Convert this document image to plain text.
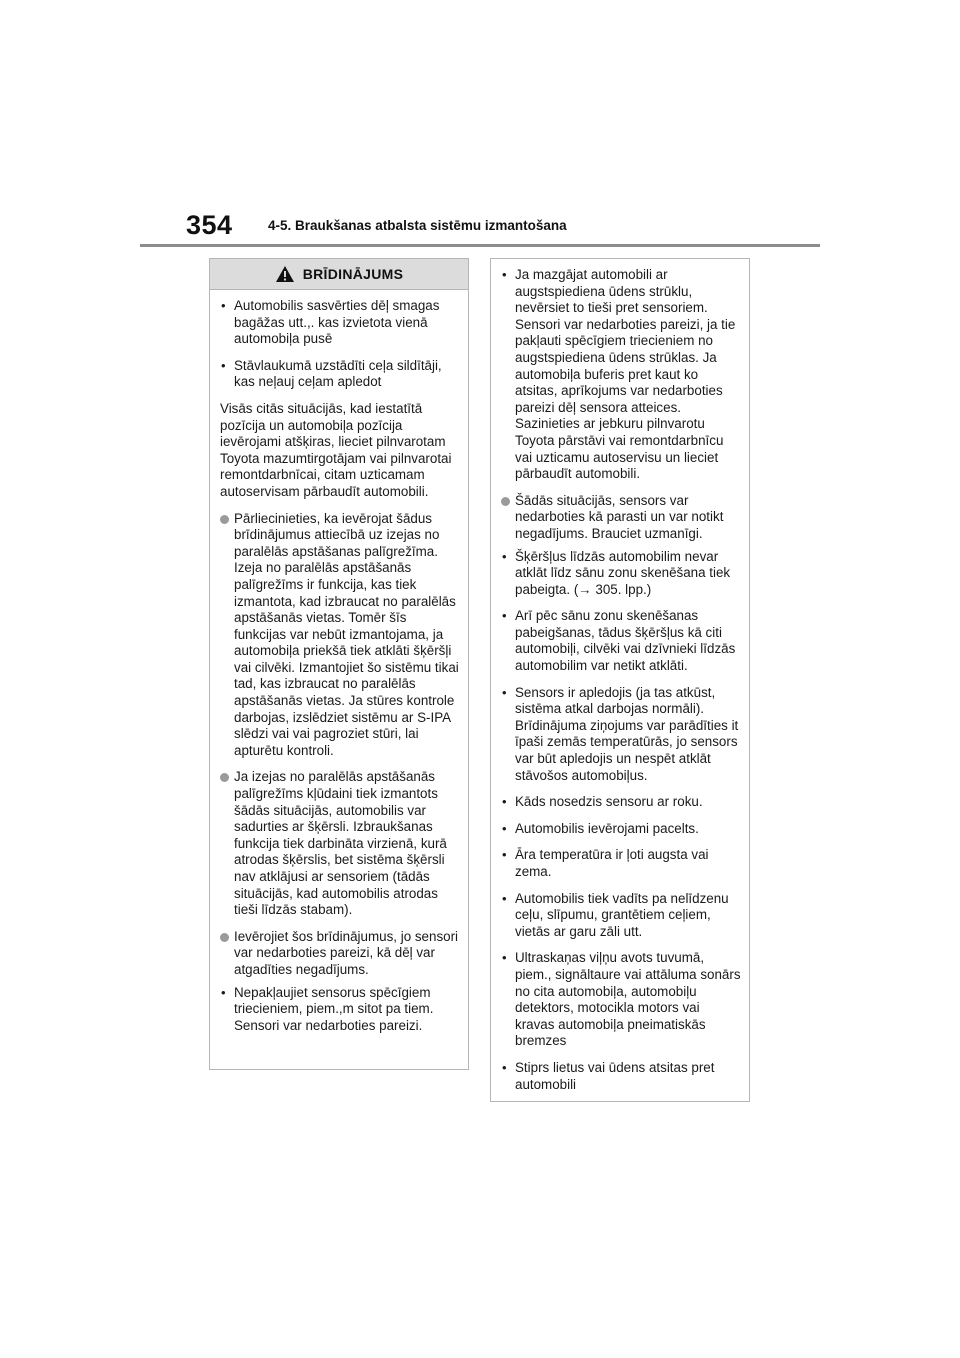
354	4-5. Braukšanas atbalsta sistēmu izmantošana
BRĪDINĀJUMS
• Automobilis sasvērties dēļ smagas bagāžas utt.,. kas izvietota vienā automobiļa pusē
• Stāvlaukumā uzstādīti ceļa sildītāji, kas neļauj ceļam apledot
Visās citās situācijās, kad iestatītā pozīcija un automobiļa pozīcija ievērojami atšķiras, lieciet pilnvarotam Toyota mazumtirgotājam vai pilnvarotai remontdarbnīcai, citam uzticamam autoservisam pārbaudīt automobili.
Pārliecinieties, ka ievērojat šādus brīdinājumus attiecībā uz izejas no paralēlās apstāšanas palīgrežīma. Izeja no paralēlās apstāšanās palīgrežīms ir funkcija, kas tiek izmantota, kad izbraucat no paralēlās apstāšanās vietas. Tomēr šīs funkcijas var nebūt izmantojama, ja automobiļa priekšā tiek atklāti šķēršļi vai cilvēki. Izmantojiet šo sistēmu tikai tad, kas izbraucat no paralēlās apstāšanās vietas. Ja stūres kontrole darbojas, izslēdziet sistēmu ar S-IPA slēdzi vai vai pagroziet stūri, lai apturētu kontroli.
Ja izejas no paralēlās apstāšanās palīgrežīms kļūdaini tiek izmantots šādās situācijās, automobilis var sadurties ar šķērsli. Izbraukšanas funkcija tiek darbināta virzienā, kurā atrodas šķērslis, bet sistēma šķērsli nav atklājusi ar sensoriem (tādās situācijās, kad automobilis atrodas tieši līdzās stabam).
Ievērojiet šos brīdinājumus, jo sensori var nedarboties pareizi, kā dēļ var atgadīties negadījums.
• Nepakļaujiet sensorus spēcīgiem triecieniem, piem.,m sitot pa tiem. Sensori var nedarboties pareizi.
• Ja mazgājat automobili ar augstspiediena ūdens strūklu, nevērsiet to tieši pret sensoriem. Sensori var nedarboties pareizi, ja tie pakļauti spēcīgiem triecieniem no augstspiediena ūdens strūklas. Ja automobiļa buferis pret kaut ko atsitas, aprīkojums var nedarboties pareizi dēļ sensora atteices. Sazinieties ar jebkuru pilnvarotu Toyota pārstāvi vai remontdarbnīcu vai uzticamu autoservisu un lieciet pārbaudīt automobili.
Šādās situācijās, sensors var nedarboties kā parasti un var notikt negadījums. Brauciet uzmanīgi.
• Šķēršļus līdzās automobilim nevar atklāt līdz sānu zonu skenēšana tiek pabeigta. (→ 305. lpp.)
• Arī pēc sānu zonu skenēšanas pabeigšanas, tādus šķēršļus kā citi automobiļi, cilvēki vai dzīvnieki līdzās automobilim var netikt atklāti.
• Sensors ir apledojis (ja tas atkūst, sistēma atkal darbojas normāli). Brīdinājuma ziņojums var parādīties it īpaši zemās temperatūrās, jo sensors var būt apledojis un nespēt atklāt stāvošos automobiļus.
• Kāds nosedzis sensoru ar roku.
• Automobilis ievērojami pacelts.
• Āra temperatūra ir ļoti augsta vai zema.
• Automobilis tiek vadīts pa nelīdzenu ceļu, slīpumu, grantētiem ceļiem, vietās ar garu zāli utt.
• Ultraskaņas viļņu avots tuvumā, piem., signāltaure vai attāluma sonārs no cita automobiļa, automobiļu detektors, motocikla motors vai kravas automobiļa pneimatiskās bremzes
• Stiprs lietus vai ūdens atsitas pret automobili
